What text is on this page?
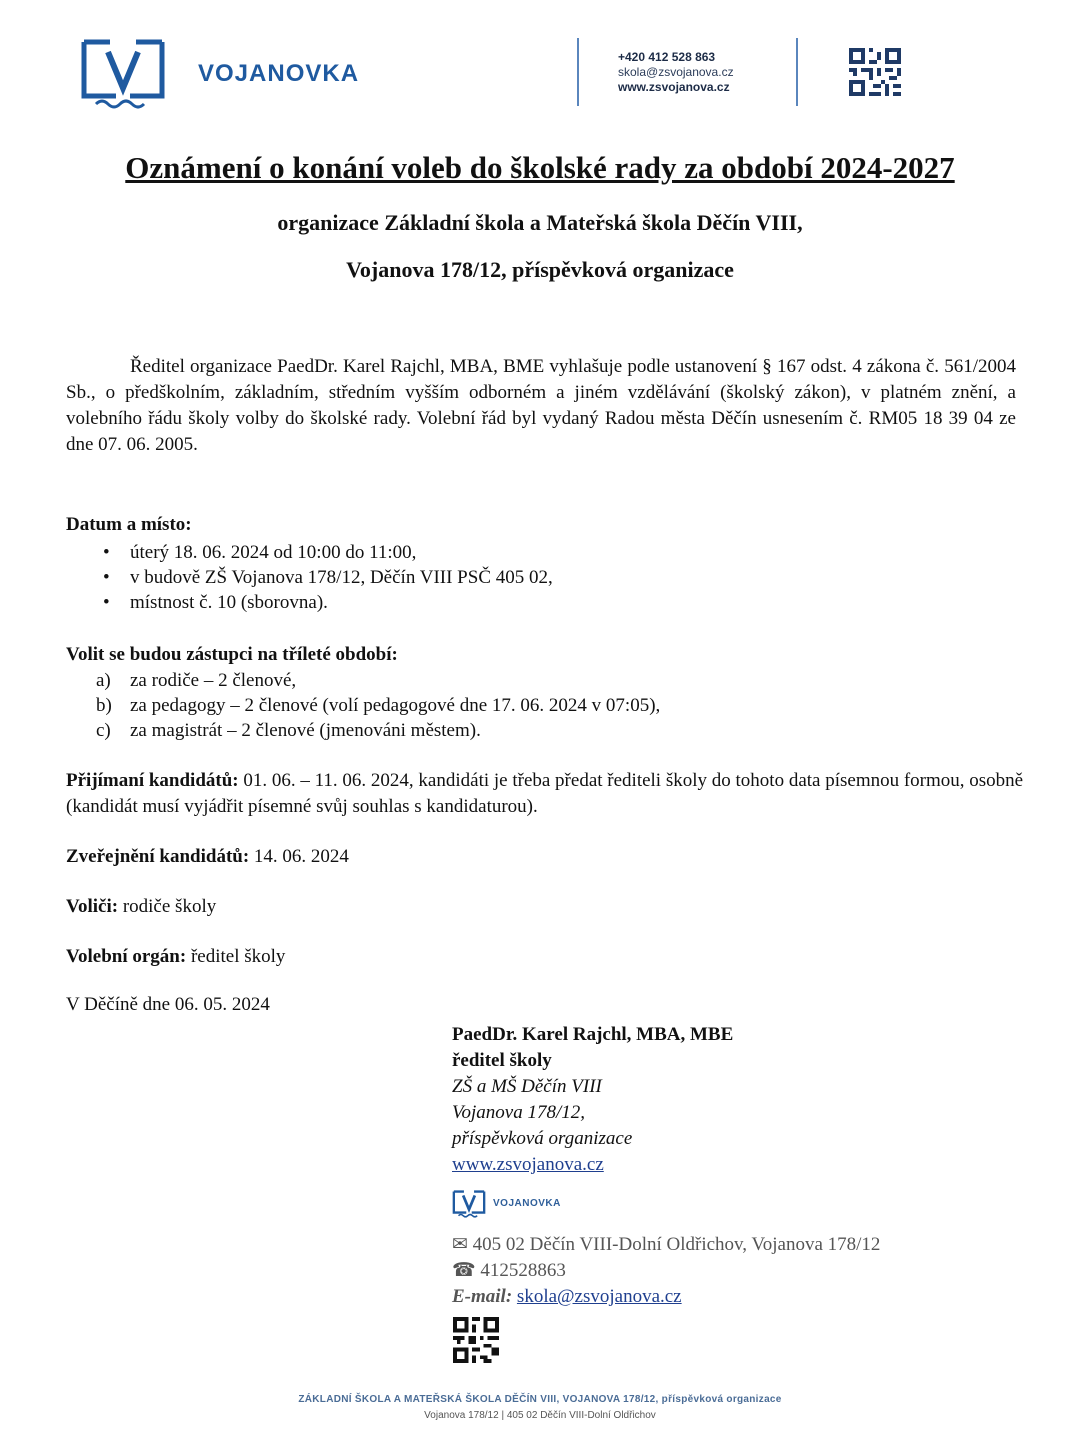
VOJANOVKA
+420 412 528 863
skola@zsvojanova.cz
www.zsvojanova.cz
Oznámení o konání voleb do školské rady za období 2024-2027
organizace Základní škola a Mateřská škola Děčín VIII,
Vojanova 178/12, příspěvková organizace
Ředitel organizace PaedDr. Karel Rajchl, MBA, BME vyhlašuje podle ustanovení § 167 odst. 4 zákona č. 561/2004 Sb., o předškolním, základním, středním vyšším odborném a jiném vzdělávání (školský zákon), v platném znění, a volebního řádu školy volby do školské rady. Volební řád byl vydaný Radou města Děčín usnesením č. RM05 18 39 04 ze dne 07. 06. 2005.
Datum a místo:
• úterý 18. 06. 2024 od 10:00 do 11:00,
• v budově ZŠ Vojanova 178/12, Děčín VIII PSČ 405 02,
• místnost č. 10 (sborovna).
Volit se budou zástupci na tříleté období:
a) za rodiče – 2 členové,
b) za pedagogy – 2 členové (volí pedagogové dne 17. 06. 2024 v 07:05),
c) za magistrát – 2 členové (jmenováni městem).
Přijímaní kandidátů: 01. 06. – 11. 06. 2024, kandidáti je třeba předat řediteli školy do tohoto data písemnou formou, osobně (kandidát musí vyjádřit písemné svůj souhlas s kandidaturou).
Zveřejnění kandidátů: 14. 06. 2024
Voliči: rodiče školy
Volební orgán: ředitel školy
V Děčíně dne 06. 05. 2024
PaedDr. Karel Rajchl, MBA, MBE
ředitel školy
ZŠ a MŠ Děčín VIII
Vojanova 178/12,
příspěvková organizace
www.zsvojanova.cz
VOJANOVKA
✉ 405 02 Děčín VIII-Dolní Oldřichov, Vojanova 178/12
☎ 412528863
E-mail: skola@zsvojanova.cz
ZÁKLADNÍ ŠKOLA A MATEŘSKÁ ŠKOLA DĚČÍN VIII, VOJANOVA 178/12, příspěvková organizace
Vojanova 178/12 | 405 02 Děčín VIII-Dolní Oldřichov
